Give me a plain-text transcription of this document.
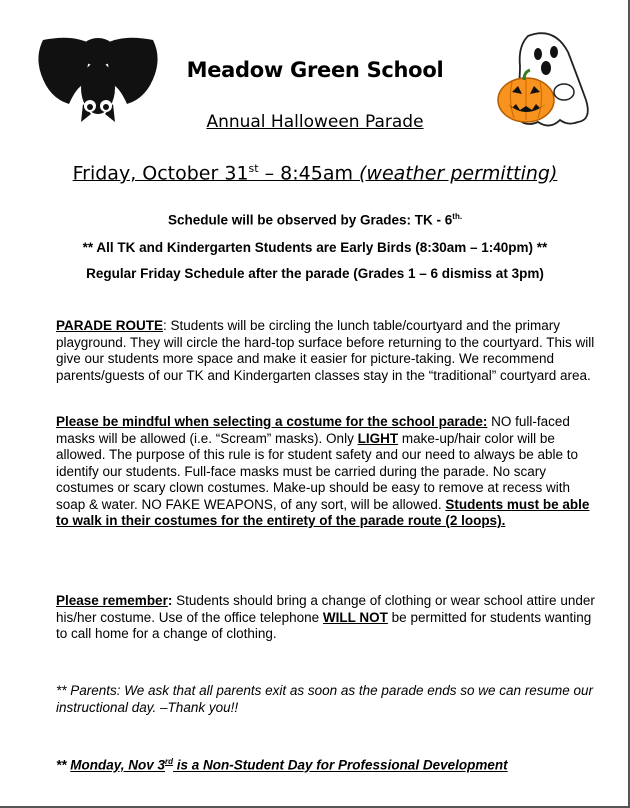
Meadow Green School
Annual Halloween Parade
Friday, October 31st – 8:45am (weather permitting)
Schedule will be observed by Grades: TK - $6^{th.}$
** All TK and Kindergarten Students are Early Birds (8:30am – 1:40pm) **
Regular Friday Schedule after the parade (Grades 1 – 6 dismiss at 3pm)
PARADE ROUTE: Students will be circling the lunch table/courtyard and the primary playground. They will circle the hard-top surface before returning to the courtyard. This will give our students more space and make it easier for picture-taking. We recommend parents/guests of our TK and Kindergarten classes stay in the “traditional” courtyard area.
Please be mindful when selecting a costume for the school parade: NO full-faced masks will be allowed (i.e. “Scream” masks). Only LIGHT make-up/hair color will be allowed. The purpose of this rule is for student safety and our need to always be able to identify our students. Full-face masks must be carried during the parade. No scary costumes or scary clown costumes. Make-up should be easy to remove at recess with soap & water. NO FAKE WEAPONS, of any sort, will be allowed. Students must be able to walk in their costumes for the entirety of the parade route (2 loops).
Please remember: Students should bring a change of clothing or wear school attire under his/her costume. Use of the office telephone WILL NOT be permitted for students wanting to call home for a change of clothing.
** Parents: We ask that all parents exit as soon as the parade ends so we can resume our instructional day. –Thank you!!
** Monday, Nov 3rd is a Non-Student Day for Professional Development
